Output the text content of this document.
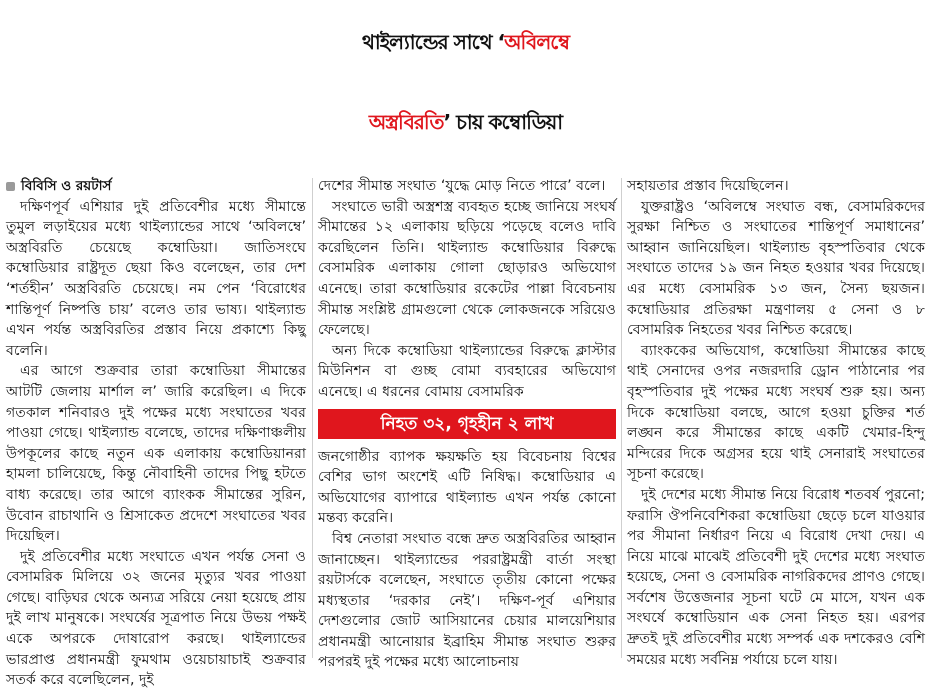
থাইল্যান্ডের সাথে ‘অবিলম্বে
অস্ত্রবিরতি’ চায় কম্বোডিয়া
বিবিসি ও রয়টার্স

দক্ষিণপূর্ব এশিয়ার দুই প্রতিবেশীর মধ্যে সীমান্তে তুমুল লড়াইয়ের মধ্যে থাইল্যান্ডের সাথে ‘অবিলম্বে’ অস্ত্রবিরতি চেয়েছে কম্বোডিয়া। জাতিসংঘে কম্বোডিয়ার রাষ্ট্রদূত ছেয়া কিও বলেছেন, তার দেশ ‘শর্তহীন’ অস্ত্রবিরতি চেয়েছে। নম পেন ‘বিরোধের শান্তিপূর্ণ নিষ্পত্তি চায়’ বলেও তার ভাষ্য। থাইল্যান্ড এখন পর্যন্ত অস্ত্রবিরতির প্রস্তাব নিয়ে প্রকাশ্যে কিছু বলেনি।

এর আগে শুক্রবার তারা কম্বোডিয়া সীমান্তের আটটি জেলায় মার্শাল ল’ জারি করেছিল। এ দিকে গতকাল শনিবারও দুই পক্ষের মধ্যে সংঘাতের খবর পাওয়া গেছে। থাইল্যান্ড বলেছে, তাদের দক্ষিণাঞ্চলীয় উপকূলের কাছে নতুন এক এলাকায় কম্বোডিয়ানরা হামলা চালিয়েছে, কিন্তু নৌবাহিনী তাদের পিছু হটতে বাধ্য করেছে। তার আগে ব্যাংকক সীমান্তের সুরিন, উবোন রাচাথানি ও শ্রিসাকেত প্রদেশে সংঘাতের খবর দিয়েছিল।

দুই প্রতিবেশীর মধ্যে সংঘাতে এখন পর্যন্ত সেনা ও বেসামরিক মিলিয়ে ৩২ জনের মৃত্যুর খবর পাওয়া গেছে। বাড়িঘর থেকে অন্যত্র সরিয়ে নেয়া হয়েছে প্রায় দুই লাখ মানুষকে। সংঘর্ষের সূত্রপাত নিয়ে উভয় পক্ষই একে অপরকে দোষারোপ করছে। থাইল্যান্ডের ভারপ্রাপ্ত প্রধানমন্ত্রী ফুমথাম ওয়েচায়াচাই শুক্রবার সতর্ক করে বলেছিলেন, দুই

দেশের সীমান্ত সংঘাত ‘যুদ্ধে মোড় নিতে পারে’ বলে।

সংঘাতে ভারী অস্ত্রশস্ত্র ব্যবহৃত হচ্ছে জানিয়ে সংঘর্ষ সীমান্তের ১২ এলাকায় ছড়িয়ে পড়েছে বলেও দাবি করেছিলেন তিনি। থাইল্যান্ড কম্বোডিয়ার বিরুদ্ধে বেসামরিক এলাকায় গোলা ছোড়ারও অভিযোগ এনেছে। তারা কম্বোডিয়ার রকেটের পাল্লা বিবেচনায় সীমান্ত সংশ্লিষ্ট গ্রামগুলো থেকে লোকজনকে সরিয়েও ফেলেছে।

অন্য দিকে কম্বোডিয়া থাইল্যান্ডের বিরুদ্ধে ক্লাস্টার মিউনিশন বা গুচ্ছ বোমা ব্যবহারের অভিযোগ এনেছে। এ ধরনের বোমায় বেসামরিক

নিহত ৩২, গৃহহীন ২ লাখ

জনগোষ্ঠীর ব্যাপক ক্ষয়ক্ষতি হয় বিবেচনায় বিশ্বের বেশির ভাগ অংশেই এটি নিষিদ্ধ। কম্বোডিয়ার এ অভিযোগের ব্যাপারে থাইল্যান্ড এখন পর্যন্ত কোনো মন্তব্য করেনি।

বিশ্ব নেতারা সংঘাত বন্ধে দ্রুত অস্ত্রবিরতির আহ্বান জানাচ্ছেন। থাইল্যান্ডের পররাষ্ট্রমন্ত্রী বার্তা সংস্থা রয়টার্সকে বলেছেন, সংঘাতে তৃতীয় কোনো পক্ষের মধ্যস্থতার ‘দরকার নেই’। দক্ষিণ-পূর্ব এশিয়ার দেশগুলোর জোট আসিয়ানের চেয়ার মালয়েশিয়ার প্রধানমন্ত্রী আনোয়ার ইব্রাহিম সীমান্ত সংঘাত শুরুর পরপরই দুই পক্ষের মধ্যে আলোচনায়

সহায়তার প্রস্তাব দিয়েছিলেন।

যুক্তরাষ্ট্রও ‘অবিলম্বে সংঘাত বন্ধ, বেসামরিকদের সুরক্ষা নিশ্চিত ও সংঘাতের শান্তিপূর্ণ সমাধানের’ আহ্বান জানিয়েছিল। থাইল্যান্ড বৃহস্পতিবার থেকে সংঘাতে তাদের ১৯ জন নিহত হওয়ার খবর দিয়েছে। এর মধ্যে বেসামরিক ১৩ জন, সৈন্য ছয়জন। কম্বোডিয়ার প্রতিরক্ষা মন্ত্রণালয় ৫ সেনা ও ৮ বেসামরিক নিহতের খবর নিশ্চিত করেছে।

ব্যাংককের অভিযোগ, কম্বোডিয়া সীমান্তের কাছে থাই সেনাদের ওপর নজরদারি ড্রোন পাঠানোর পর বৃহস্পতিবার দুই পক্ষের মধ্যে সংঘর্ষ শুরু হয়। অন্য দিকে কম্বোডিয়া বলছে, আগে হওয়া চুক্তির শর্ত লঙ্ঘন করে সীমান্তের কাছে একটি খেমার-হিন্দু মন্দিরের দিকে অগ্রসর হয়ে থাই সেনারাই সংঘাতের সূচনা করেছে।

দুই দেশের মধ্যে সীমান্ত নিয়ে বিরোধ শতবর্ষ পুরনো; ফরাসি ঔপনিবেশিকরা কম্বোডিয়া ছেড়ে চলে যাওয়ার পর সীমানা নির্ধারণ নিয়ে এ বিরোধ দেখা দেয়। এ নিয়ে মাঝে মাঝেই প্রতিবেশী দুই দেশের মধ্যে সংঘাত হয়েছে, সেনা ও বেসামরিক নাগরিকদের প্রাণও গেছে। সর্বশেষ উত্তেজনার সূচনা ঘটে মে মাসে, যখন এক সংঘর্ষে কম্বোডিয়ান এক সেনা নিহত হয়। এরপর দ্রুতই দুই প্রতিবেশীর মধ্যে সম্পর্ক এক দশকেরও বেশি সময়ের মধ্যে সর্বনিম্ন পর্যায়ে চলে যায়।
